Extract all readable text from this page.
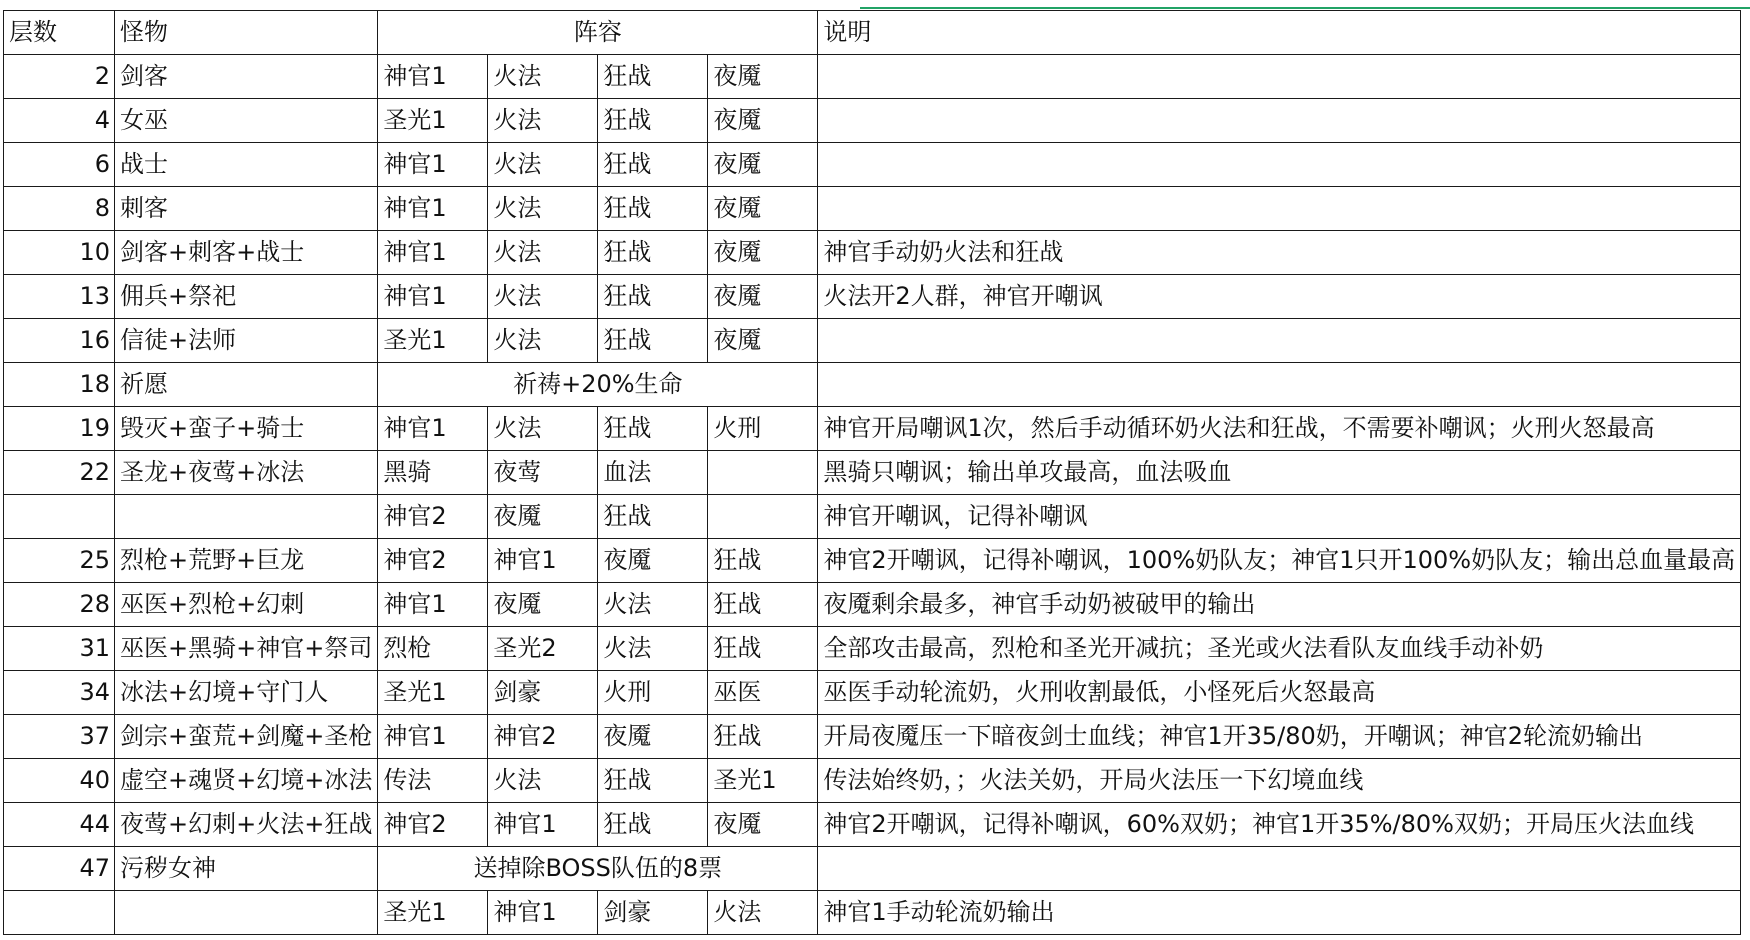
层数	怪物	阵容				说明
2	剑客	神官1	火法	狂战	夜魇	
4	女巫	圣光1	火法	狂战	夜魇	
6	战士	神官1	火法	狂战	夜魇	
8	刺客	神官1	火法	狂战	夜魇	
10	剑客+刺客+战士	神官1	火法	狂战	夜魇	神官手动奶火法和狂战
13	佣兵+祭祀	神官1	火法	狂战	夜魇	火法开2人群，神官开嘲讽
16	信徒+法师	圣光1	火法	狂战	夜魇	
18	祈愿	祈祷+20%生命				
19	毁灭+蛮子+骑士	神官1	火法	狂战	火刑	神官开局嘲讽1次，然后手动循环奶火法和狂战，不需要补嘲讽；火刑火怒最高
22	圣龙+夜莺+冰法	黑骑	夜莺	血法		黑骑只嘲讽；输出单攻最高，血法吸血
		神官2	夜魇	狂战		神官开嘲讽，记得补嘲讽
25	烈枪+荒野+巨龙	神官2	神官1	夜魇	狂战	神官2开嘲讽，记得补嘲讽，100%奶队友；神官1只开100%奶队友；输出总血量最高
28	巫医+烈枪+幻刺	神官1	夜魇	火法	狂战	夜魇剩余最多，神官手动奶被破甲的输出
31	巫医+黑骑+神官+祭司	烈枪	圣光2	火法	狂战	全部攻击最高，烈枪和圣光开减抗；圣光或火法看队友血线手动补奶
34	冰法+幻境+守门人	圣光1	剑豪	火刑	巫医	巫医手动轮流奶，火刑收割最低，小怪死后火怒最高
37	剑宗+蛮荒+剑魔+圣枪	神官1	神官2	夜魇	狂战	开局夜魇压一下暗夜剑士血线；神官1开35/80奶，开嘲讽；神官2轮流奶输出
40	虚空+魂贤+幻境+冰法	传法	火法	狂战	圣光1	传法始终奶，；火法关奶，开局火法压一下幻境血线
44	夜莺+幻刺+火法+狂战	神官2	神官1	狂战	夜魇	神官2开嘲讽，记得补嘲讽，60%双奶；神官1开35%/80%双奶；开局压火法血线
47	污秽女神	送掉除BOSS队伍的8票				
		圣光1	神官1	剑豪	火法	神官1手动轮流奶输出
